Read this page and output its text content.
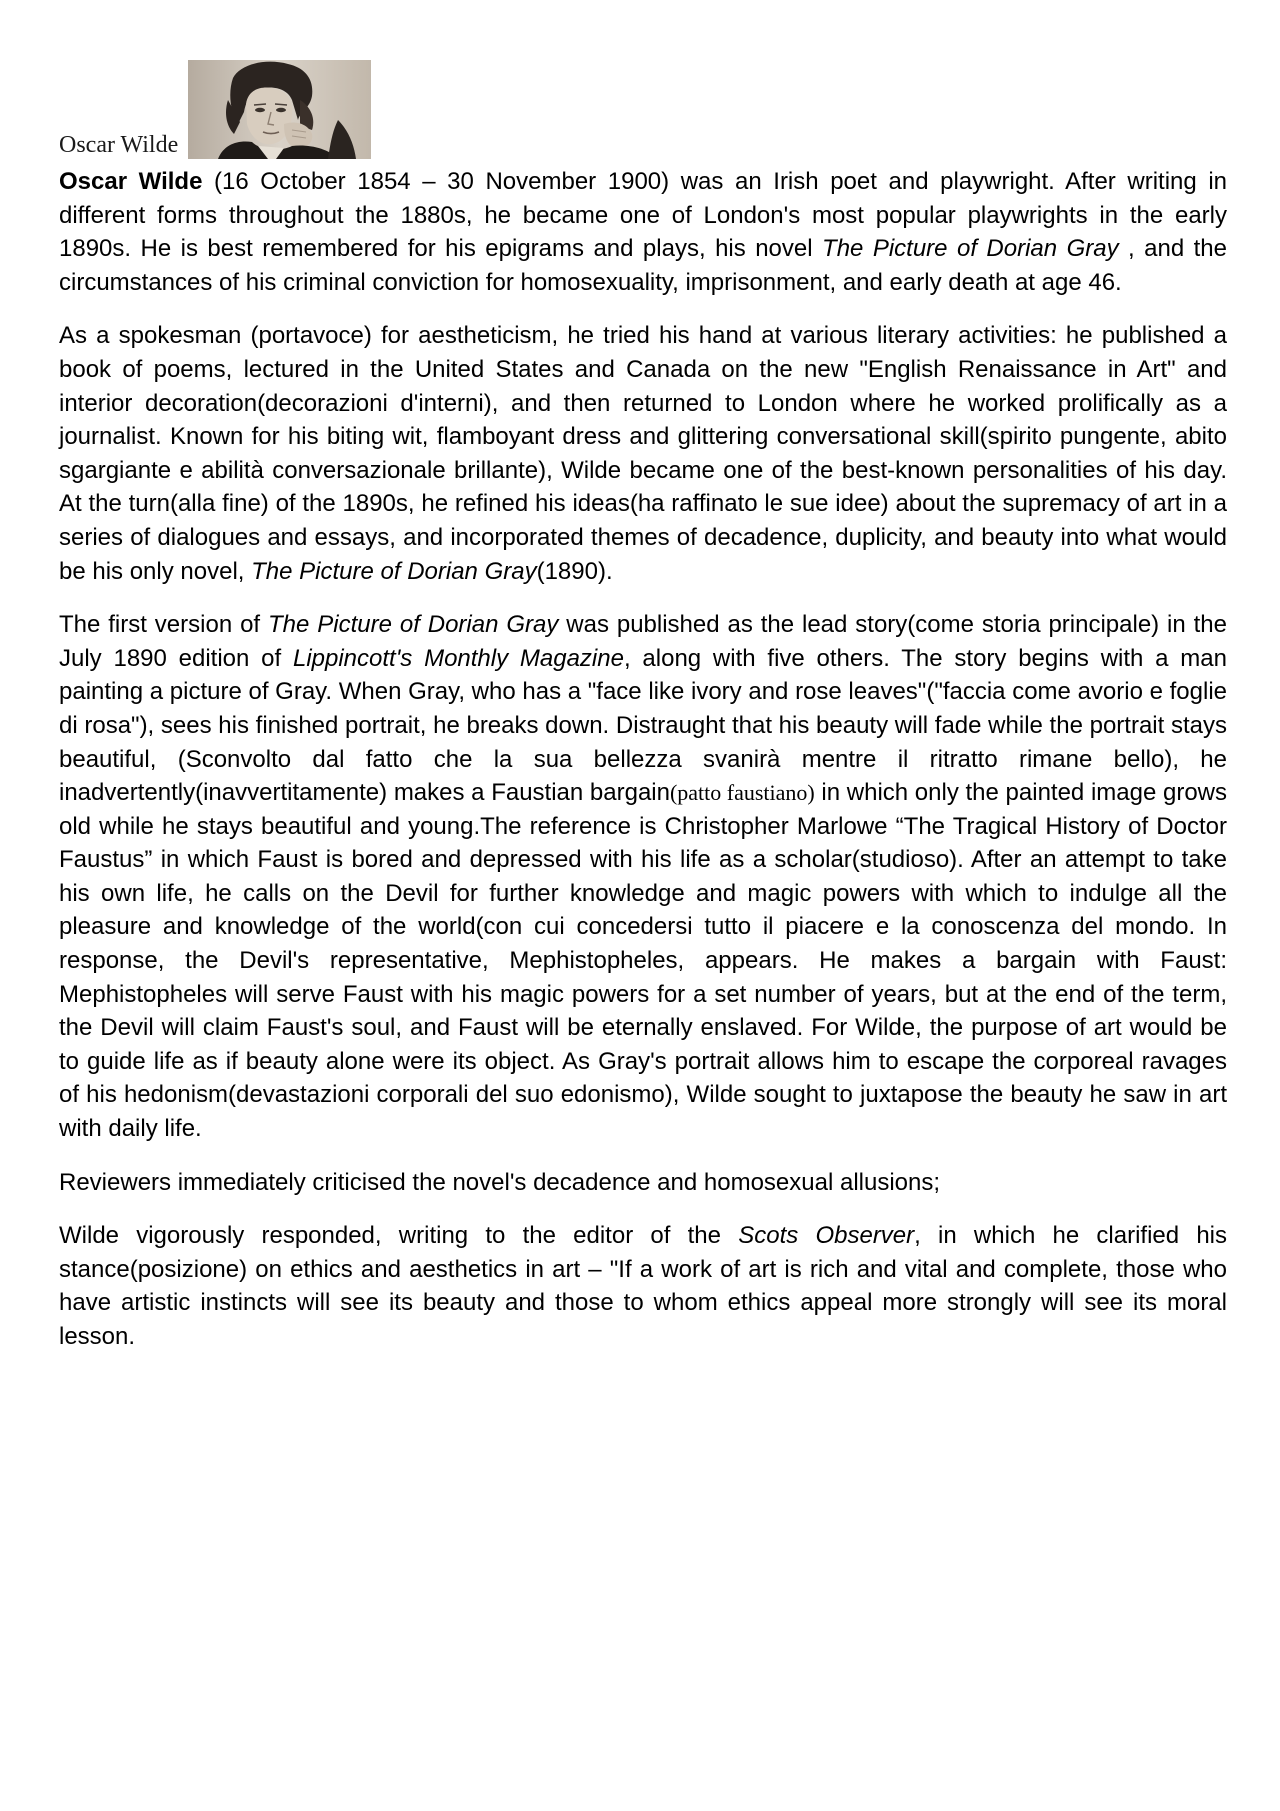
Oscar Wilde

Oscar Wilde (16 October 1854 – 30 November 1900) was an Irish poet and playwright. After writing in different forms throughout the 1880s, he became one of London's most popular playwrights in the early 1890s. He is best remembered for his epigrams and plays, his novel The Picture of Dorian Gray , and the circumstances of his criminal conviction for homosexuality, imprisonment, and early death at age 46.

As a spokesman (portavoce) for aestheticism, he tried his hand at various literary activities: he published a book of poems, lectured in the United States and Canada on the new "English Renaissance in Art" and interior decoration(decorazioni d'interni), and then returned to London where he worked prolifically as a journalist. Known for his biting wit, flamboyant dress and glittering conversational skill(spirito pungente, abito sgargiante e abilità conversazionale brillante), Wilde became one of the best-known personalities of his day. At the turn(alla fine) of the 1890s, he refined his ideas(ha raffinato le sue idee) about the supremacy of art in a series of dialogues and essays, and incorporated themes of decadence, duplicity, and beauty into what would be his only novel, The Picture of Dorian Gray(1890).

The first version of The Picture of Dorian Gray was published as the lead story(come storia principale) in the July 1890 edition of Lippincott's Monthly Magazine, along with five others. The story begins with a man painting a picture of Gray. When Gray, who has a "face like ivory and rose leaves"("faccia come avorio e foglie di rosa"), sees his finished portrait, he breaks down. Distraught that his beauty will fade while the portrait stays beautiful, (Sconvolto dal fatto che la sua bellezza svanirà mentre il ritratto rimane bello), he inadvertently(inavvertitamente) makes a Faustian bargain(patto faustiano) in which only the painted image grows old while he stays beautiful and young.The reference is Christopher Marlowe “The Tragical History of Doctor Faustus” in which Faust is bored and depressed with his life as a scholar(studioso). After an attempt to take his own life, he calls on the Devil for further knowledge and magic powers with which to indulge all the pleasure and knowledge of the world(con cui concedersi tutto il piacere e la conoscenza del mondo. In response, the Devil's representative, Mephistopheles, appears. He makes a bargain with Faust: Mephistopheles will serve Faust with his magic powers for a set number of years, but at the end of the term, the Devil will claim Faust's soul, and Faust will be eternally enslaved. For Wilde, the purpose of art would be to guide life as if beauty alone were its object. As Gray's portrait allows him to escape the corporeal ravages of his hedonism(devastazioni corporali del suo edonismo), Wilde sought to juxtapose the beauty he saw in art with daily life.

Reviewers immediately criticised the novel's decadence and homosexual allusions;

Wilde vigorously responded, writing to the editor of the Scots Observer, in which he clarified his stance(posizione) on ethics and aesthetics in art – "If a work of art is rich and vital and complete, those who have artistic instincts will see its beauty and those to whom ethics appeal more strongly will see its moral lesson.
